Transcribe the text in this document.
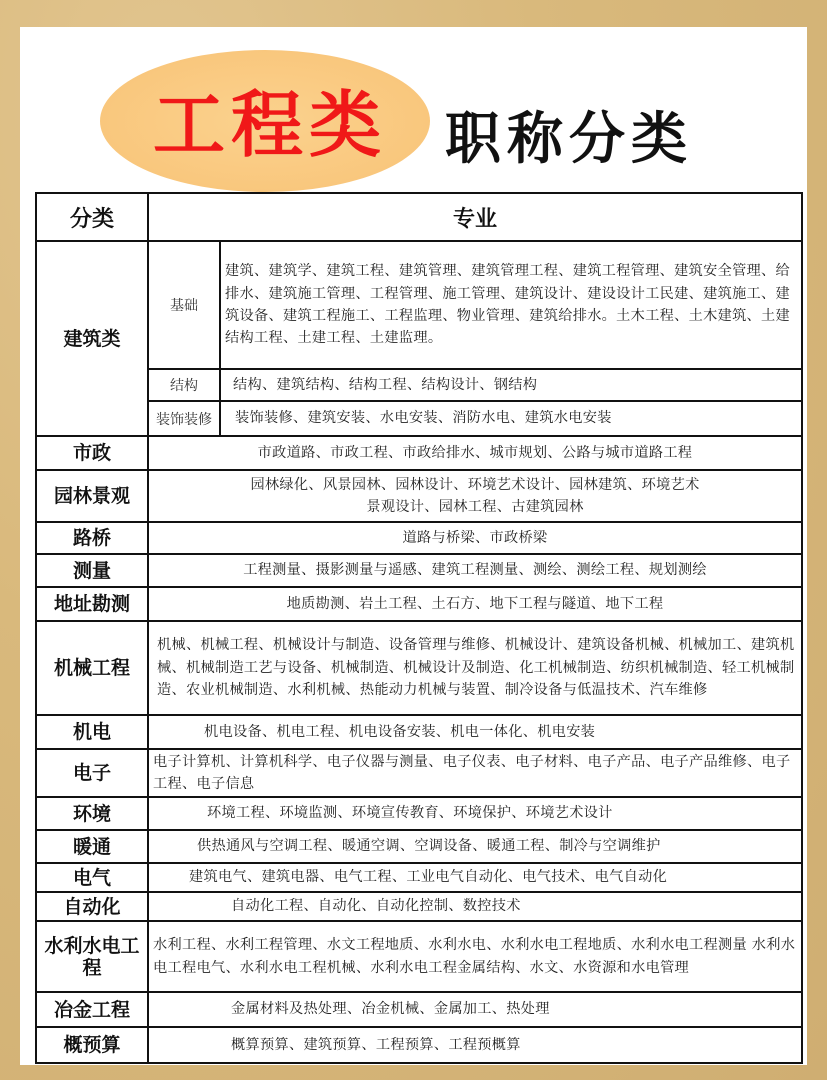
工程类	职称分类
分类	专业	
建筑类	基础	建筑、建筑学、建筑工程、建筑管理、建筑管理工程、建筑工程管理、建筑安全管理、给排水、建筑施工管理、工程管理、施工管理、建筑设计、建设设计工民建、建筑施工、建筑设备、建筑工程施工、工程监理、物业管理、建筑给排水。土木工程、土木建筑、土建结构工程、土建工程、土建监理。
	结构	结构、建筑结构、结构工程、结构设计、钢结构
	装饰装修	装饰装修、建筑安装、水电安装、消防水电、建筑水电安装
市政	市政道路、市政工程、市政给排水、城市规划、公路与城市道路工程	
园林景观	园林绿化、风景园林、园林设计、环境艺术设计、园林建筑、环境艺术景观设计、园林工程、古建筑园林	
路桥	道路与桥梁、市政桥梁	
测量	工程测量、摄影测量与遥感、建筑工程测量、测绘、测绘工程、规划测绘	
地址勘测	地质勘测、岩土工程、土石方、地下工程与隧道、地下工程	
机械工程	机械、机械工程、机械设计与制造、设备管理与维修、机械设计、建筑设备机械、机械加工、建筑机械、机械制造工艺与设备、机械制造、机械设计及制造、化工机械制造、纺织机械制造、轻工机械制造、农业机械制造、水利机械、热能动力机械与装置、制冷设备与低温技术、汽车维修	
机电	机电设备、机电工程、机电设备安装、机电一体化、机电安装	
电子	电子计算机、计算机科学、电子仪器与测量、电子仪表、电子材料、电子产品、电子产品维修、电子工程、电子信息	
环境	环境工程、环境监测、环境宣传教育、环境保护、环境艺术设计	
暖通	供热通风与空调工程、暖通空调、空调设备、暖通工程、制冷与空调维护	
电气	建筑电气、建筑电器、电气工程、工业电气自动化、电气技术、电气自动化	
自动化	自动化工程、自动化、自动化控制、数控技术	
水利水电工程	水利工程、水利工程管理、水文工程地质、水利水电、水利水电工程地质、水利水电工程测量 水利水电工程电气、水利水电工程机械、水利水电工程金属结构、水文、水资源和水电管理	
冶金工程	金属材料及热处理、冶金机械、金属加工、热处理	
概预算	概算预算、建筑预算、工程预算、工程预概算	
